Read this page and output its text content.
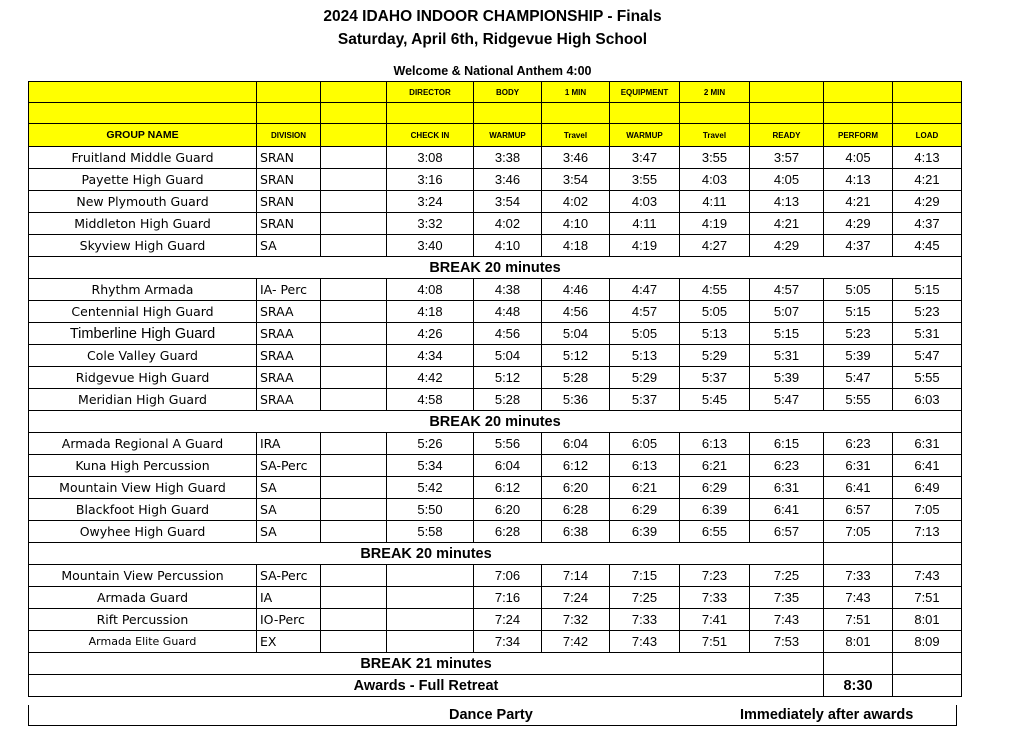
2024 IDAHO INDOOR CHAMPIONSHIP - Finals
Saturday, April 6th, Ridgevue High School
Welcome & National Anthem 4:00
			DIRECTOR	BODY	1 MIN	EQUIPMENT	2 MIN			

GROUP NAME	DIVISION		CHECK IN	WARMUP	Travel	WARMUP	Travel	READY	PERFORM	LOAD
Fruitland Middle Guard	SRAN		3:08	3:38	3:46	3:47	3:55	3:57	4:05	4:13
Payette High Guard	SRAN		3:16	3:46	3:54	3:55	4:03	4:05	4:13	4:21
New Plymouth Guard	SRAN		3:24	3:54	4:02	4:03	4:11	4:13	4:21	4:29
Middleton High Guard	SRAN		3:32	4:02	4:10	4:11	4:19	4:21	4:29	4:37
Skyview High Guard	SA		3:40	4:10	4:18	4:19	4:27	4:29	4:37	4:45
BREAK 20 minutes										
Rhythm Armada	IA- Perc		4:08	4:38	4:46	4:47	4:55	4:57	5:05	5:15
Centennial High Guard	SRAA		4:18	4:48	4:56	4:57	5:05	5:07	5:15	5:23
Timberline High Guard	SRAA		4:26	4:56	5:04	5:05	5:13	5:15	5:23	5:31
Cole Valley Guard	SRAA		4:34	5:04	5:12	5:13	5:29	5:31	5:39	5:47
Ridgevue High Guard	SRAA		4:42	5:12	5:28	5:29	5:37	5:39	5:47	5:55
Meridian High Guard	SRAA		4:58	5:28	5:36	5:37	5:45	5:47	5:55	6:03
BREAK 20 minutes										
Armada Regional A Guard	IRA		5:26	5:56	6:04	6:05	6:13	6:15	6:23	6:31
Kuna High Percussion	SA-Perc		5:34	6:04	6:12	6:13	6:21	6:23	6:31	6:41
Mountain View High Guard	SA		5:42	6:12	6:20	6:21	6:29	6:31	6:41	6:49
Blackfoot High Guard	SA		5:50	6:20	6:28	6:29	6:39	6:41	6:57	7:05
Owyhee High Guard	SA		5:58	6:28	6:38	6:39	6:55	6:57	7:05	7:13
BREAK 20 minutes										
Mountain View Percussion	SA-Perc			7:06	7:14	7:15	7:23	7:25	7:33	7:43
Armada Guard	IA			7:16	7:24	7:25	7:33	7:35	7:43	7:51
Rift Percussion	IO-Perc			7:24	7:32	7:33	7:41	7:43	7:51	8:01
Armada Elite Guard	EX			7:34	7:42	7:43	7:51	7:53	8:01	8:09
BREAK 21 minutes										
Awards - Full Retreat									8:30	
Dance Party	Immediately after awards
